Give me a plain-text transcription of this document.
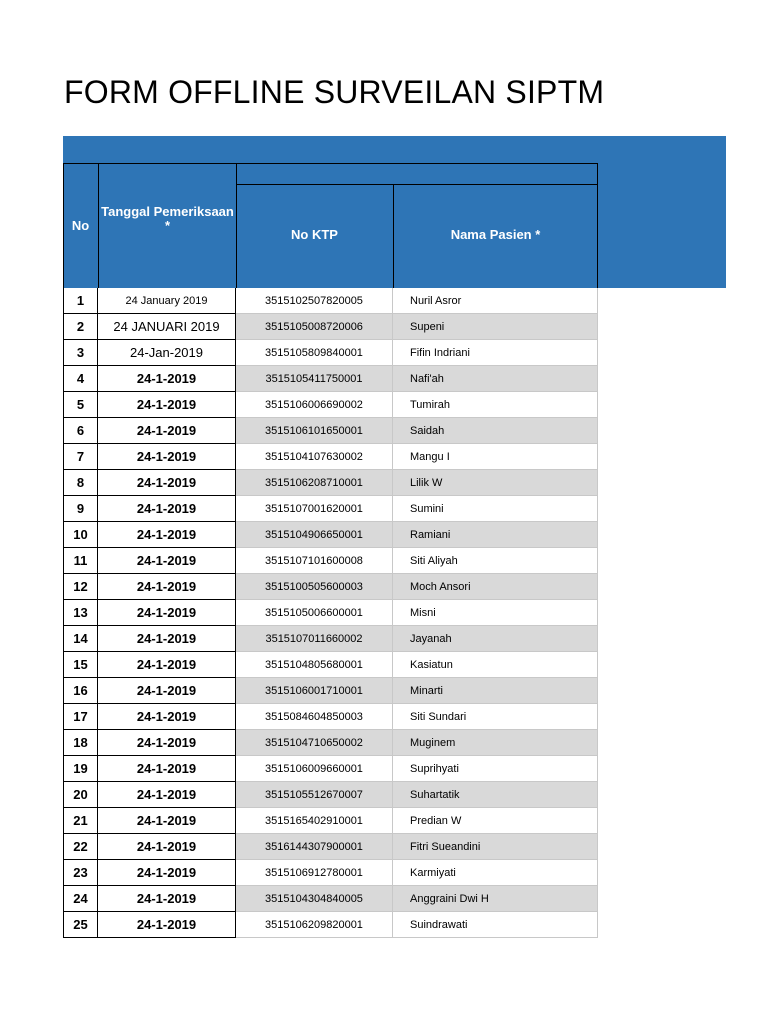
FORM OFFLINE SURVEILAN SIPTM
No
Tanggal Pemeriksaan *
No KTP	Nama Pasien *
1	24 January 2019	3515102507820005	Nuril Asror
2	24 JANUARI 2019	3515105008720006	Supeni
3	24-Jan-2019	3515105809840001	Fifin Indriani
4	24-1-2019	3515105411750001	Nafi'ah
5	24-1-2019	3515106006690002	Tumirah
6	24-1-2019	3515106101650001	Saidah
7	24-1-2019	3515104107630002	Mangu I
8	24-1-2019	3515106208710001	Lilik W
9	24-1-2019	3515107001620001	Sumini
10	24-1-2019	3515104906650001	Ramiani
11	24-1-2019	3515107101600008	Siti Aliyah
12	24-1-2019	3515100505600003	Moch Ansori
13	24-1-2019	3515105006600001	Misni
14	24-1-2019	3515107011660002	Jayanah
15	24-1-2019	3515104805680001	Kasiatun
16	24-1-2019	3515106001710001	Minarti
17	24-1-2019	3515084604850003	Siti Sundari
18	24-1-2019	3515104710650002	Muginem
19	24-1-2019	3515106009660001	Suprihyati
20	24-1-2019	3515105512670007	Suhartatik
21	24-1-2019	3515165402910001	Predian W
22	24-1-2019	3516144307900001	Fitri Sueandini
23	24-1-2019	3515106912780001	Karmiyati
24	24-1-2019	3515104304840005	Anggraini Dwi H
25	24-1-2019	3515106209820001	Suindrawati
